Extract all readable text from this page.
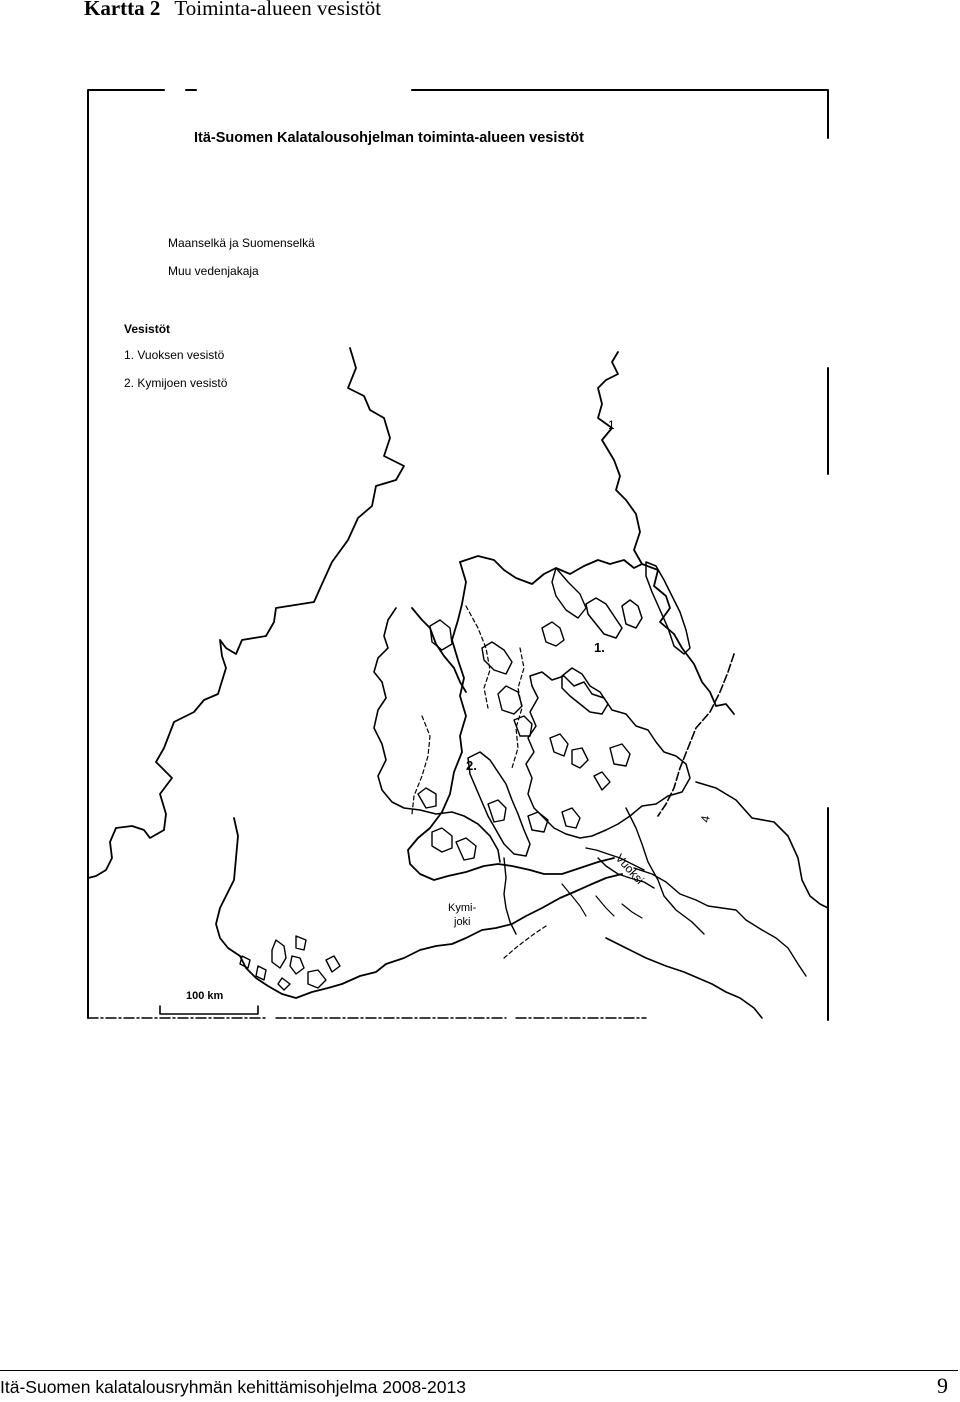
Kartta 2 Toiminta-alueen vesistöt
Itä-Suomen Kalatalousohjelman toiminta-alueen vesistöt
Maanselkä ja Suomenselkä
Muu vedenjakaja
Vesistöt
1. Vuoksen vesistö
2. Kymijoen vesistö
1.
2.
4
1
Vuoksi
Kymi-
joki
100 km
Itä-Suomen kalatalousryhmän kehittämisohjelma 2008-2013	9
